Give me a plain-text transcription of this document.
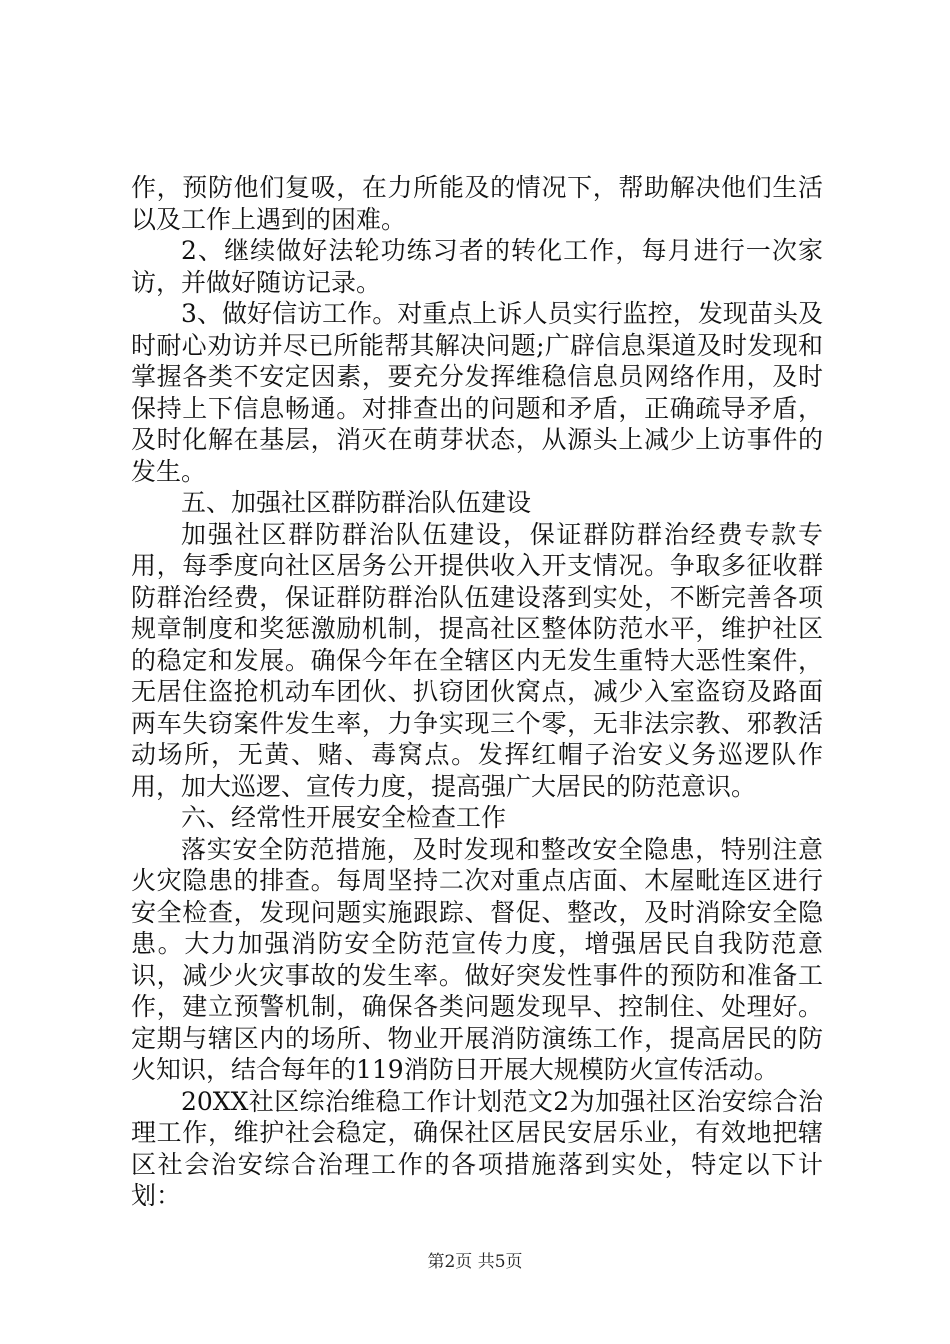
作，预防他们复吸，在力所能及的情况下，帮助解决他们生活以及工作上遇到的困难。

2、继续做好法轮功练习者的转化工作，每月进行一次家访，并做好随访记录。

3、做好信访工作。对重点上诉人员实行监控，发现苗头及时耐心劝访并尽已所能帮其解决问题;广辟信息渠道及时发现和掌握各类不安定因素，要充分发挥维稳信息员网络作用，及时保持上下信息畅通。对排查出的问题和矛盾，正确疏导矛盾，及时化解在基层，消灭在萌芽状态，从源头上减少上访事件的发生。

五、加强社区群防群治队伍建设

加强社区群防群治队伍建设，保证群防群治经费专款专用，每季度向社区居务公开提供收入开支情况。争取多征收群防群治经费，保证群防群治队伍建设落到实处，不断完善各项规章制度和奖惩激励机制，提高社区整体防范水平，维护社区的稳定和发展。确保今年在全辖区内无发生重特大恶性案件，无居住盗抢机动车团伙、扒窃团伙窝点，减少入室盗窃及路面两车失窃案件发生率，力争实现三个零，无非法宗教、邪教活动场所，无黄、赌、毒窝点。发挥红帽子治安义务巡逻队作用，加大巡逻、宣传力度，提高强广大居民的防范意识。

六、经常性开展安全检查工作

落实安全防范措施，及时发现和整改安全隐患，特别注意火灾隐患的排查。每周坚持二次对重点店面、木屋毗连区进行安全检查，发现问题实施跟踪、督促、整改，及时消除安全隐患。大力加强消防安全防范宣传力度，增强居民自我防范意识，减少火灾事故的发生率。做好突发性事件的预防和准备工作，建立预警机制，确保各类问题发现早、控制住、处理好。定期与辖区内的场所、物业开展消防演练工作，提高居民的防火知识，结合每年的119消防日开展大规模防火宣传活动。

20XX社区综治维稳工作计划范文2为加强社区治安综合治理工作，维护社会稳定，确保社区居民安居乐业，有效地把辖区社会治安综合治理工作的各项措施落到实处，特定以下计划：

第2页 共5页
